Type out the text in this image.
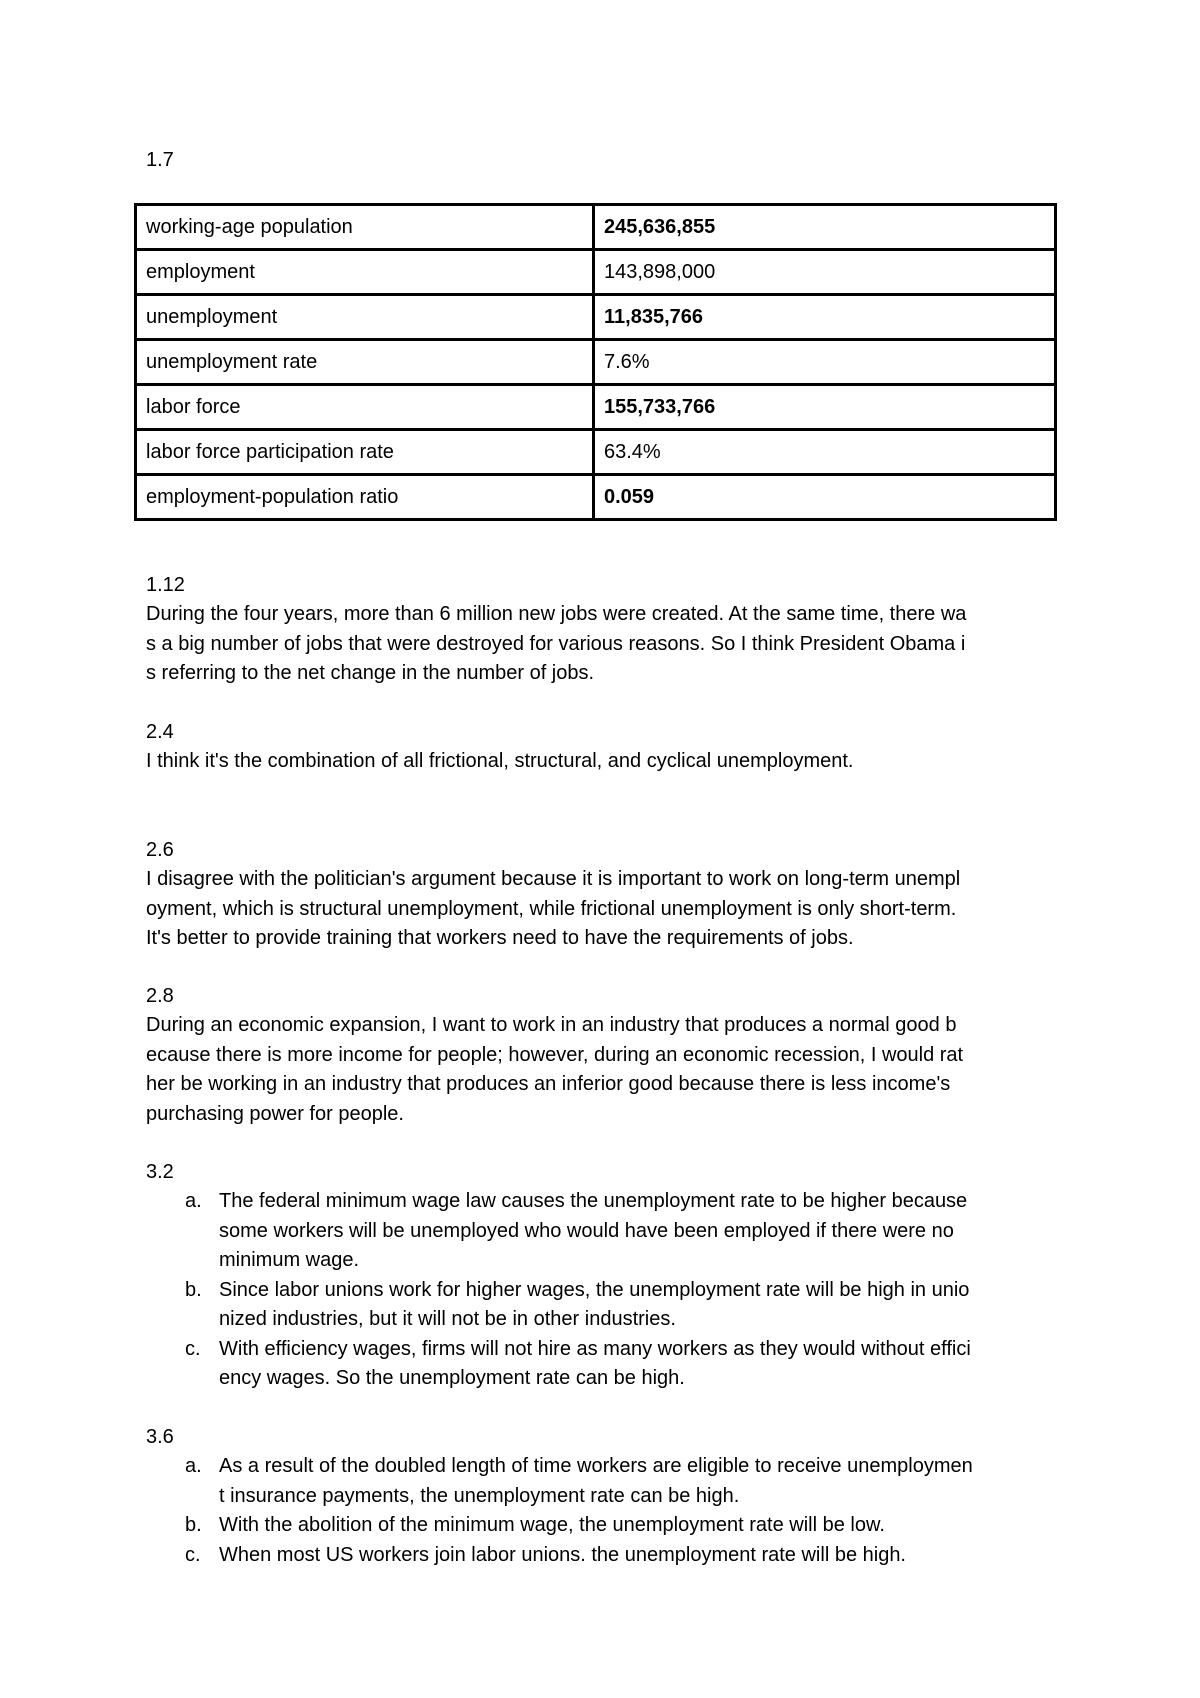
1.7
working-age population	245,636,855
employment	143,898,000
unemployment	11,835,766
unemployment rate	7.6%
labor force	155,733,766
labor force participation rate	63.4%
employment-population ratio	0.059
1.12
During the four years, more than 6 million new jobs were created. At the same time, there wa
s a big number of jobs that were destroyed for various reasons. So I think President Obama i
s referring to the net change in the number of jobs.
2.4
I think it's the combination of all frictional, structural, and cyclical unemployment.
2.6
I disagree with the politician's argument because it is important to work on long-term unempl
oyment, which is structural unemployment, while frictional unemployment is only short-term.
It's better to provide training that workers need to have the requirements of jobs.
2.8
During an economic expansion, I want to work in an industry that produces a normal good b
ecause there is more income for people; however, during an economic recession, I would rat
her be working in an industry that produces an inferior good because there is less income's
purchasing power for people.
3.2
a. The federal minimum wage law causes the unemployment rate to be higher because
some workers will be unemployed who would have been employed if there were no
minimum wage.
b. Since labor unions work for higher wages, the unemployment rate will be high in unio
nized industries, but it will not be in other industries.
c. With efficiency wages, firms will not hire as many workers as they would without effici
ency wages. So the unemployment rate can be high.
3.6
a. As a result of the doubled length of time workers are eligible to receive unemploymen
t insurance payments, the unemployment rate can be high.
b. With the abolition of the minimum wage, the unemployment rate will be low.
c. When most US workers join labor unions. the unemployment rate will be high.
